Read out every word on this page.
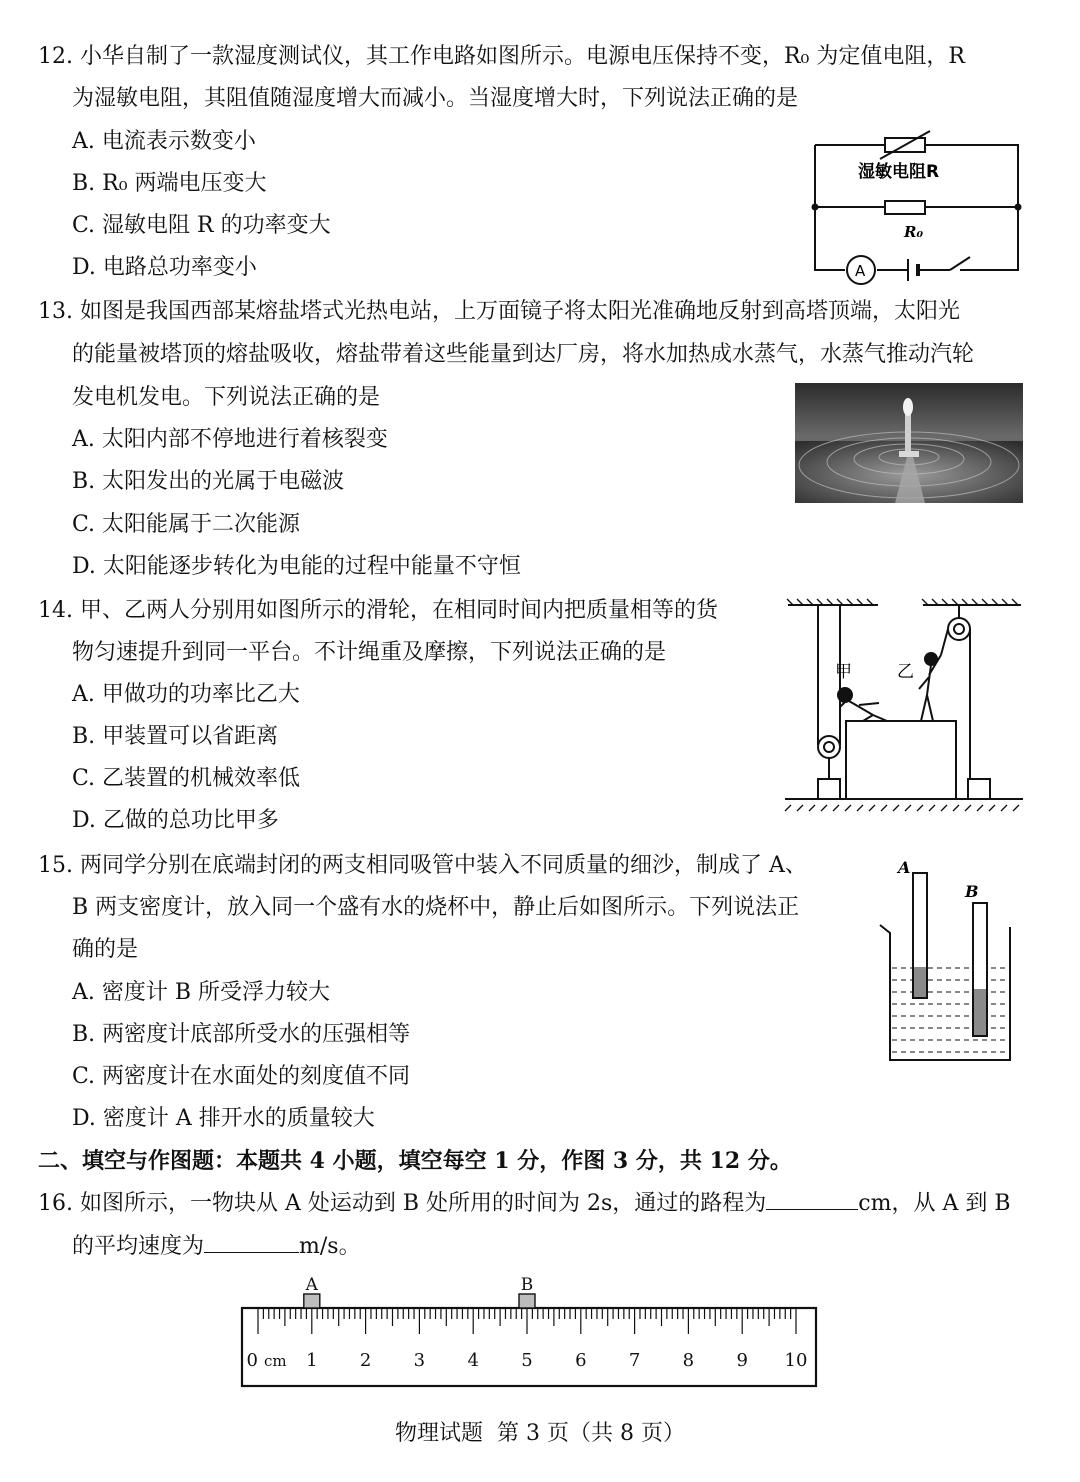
12. 小华自制了一款湿度测试仪，其工作电路如图所示。电源电压保持不变，R₀ 为定值电阻，R
为湿敏电阻，其阻值随湿度增大而减小。当湿度增大时，下列说法正确的是
A. 电流表示数变小
B. R₀ 两端电压变大
C. 湿敏电阻 R 的功率变大
D. 电路总功率变小
湿敏电阻R
R₀
A
13. 如图是我国西部某熔盐塔式光热电站，上万面镜子将太阳光准确地反射到高塔顶端，太阳光
的能量被塔顶的熔盐吸收，熔盐带着这些能量到达厂房，将水加热成水蒸气，水蒸气推动汽轮
发电机发电。下列说法正确的是
A. 太阳内部不停地进行着核裂变
B. 太阳发出的光属于电磁波
C. 太阳能属于二次能源
D. 太阳能逐步转化为电能的过程中能量不守恒
14. 甲、乙两人分别用如图所示的滑轮，在相同时间内把质量相等的货
物匀速提升到同一平台。不计绳重及摩擦，下列说法正确的是
A. 甲做功的功率比乙大
B. 甲装置可以省距离
C. 乙装置的机械效率低
D. 乙做的总功比甲多
甲	乙
15. 两同学分别在底端封闭的两支相同吸管中装入不同质量的细沙，制成了 A、
B 两支密度计，放入同一个盛有水的烧杯中，静止后如图所示。下列说法正
确的是
A. 密度计 B 所受浮力较大
B. 两密度计底部所受水的压强相等
C. 两密度计在水面处的刻度值不同
D. 密度计 A 排开水的质量较大
A
B
二、填空与作图题：本题共 4 小题，填空每空 1 分，作图 3 分，共 12 分。
16. 如图所示，一物块从 A 处运动到 B 处所用的时间为 2s，通过的路程为	cm，从 A 到 B
的平均速度为	m/s。
0	1 2 3 4 5 6 7 8 9 10
cm
A	B
物理试题  第 3 页（共 8 页）
